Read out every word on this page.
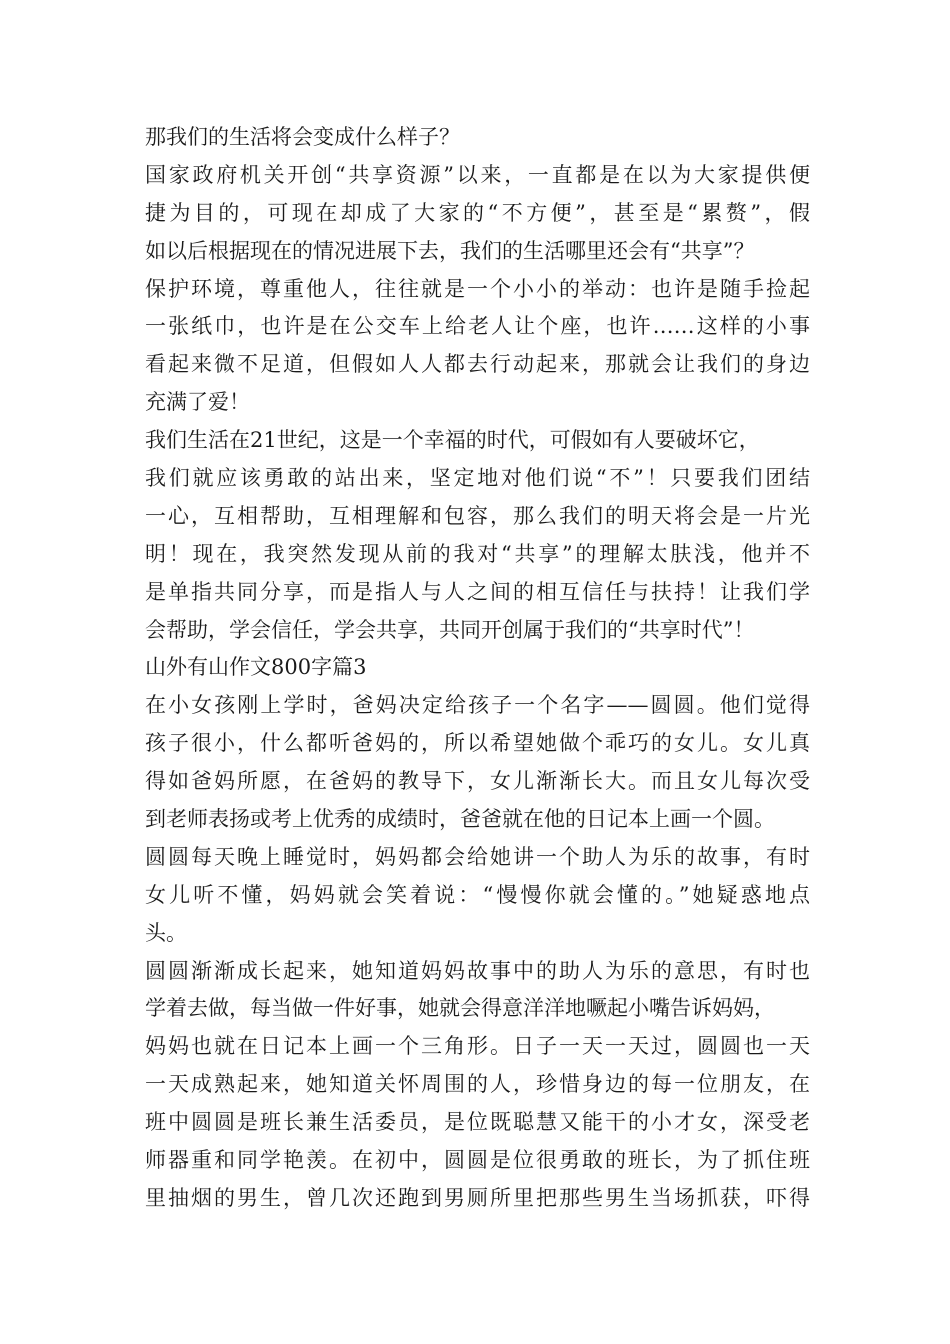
那我们的生活将会变成什么样子？
国家政府机关开创“共享资源”以来，一直都是在以为大家提供便
捷为目的，可现在却成了大家的“不方便”，甚至是“累赘”，假
如以后根据现在的情况进展下去，我们的生活哪里还会有“共享”？
保护环境，尊重他人，往往就是一个小小的举动：也许是随手捡起
一张纸巾，也许是在公交车上给老人让个座，也许……这样的小事
看起来微不足道，但假如人人都去行动起来，那就会让我们的身边
充满了爱！
我们生活在21世纪，这是一个幸福的时代，可假如有人要破坏它，
我们就应该勇敢的站出来，坚定地对他们说“不”！只要我们团结
一心，互相帮助，互相理解和包容，那么我们的明天将会是一片光
明！现在，我突然发现从前的我对“共享”的理解太肤浅，他并不
是单指共同分享，而是指人与人之间的相互信任与扶持！让我们学
会帮助，学会信任，学会共享，共同开创属于我们的“共享时代”！
山外有山作文800字篇3
在小女孩刚上学时，爸妈决定给孩子一个名字——圆圆。他们觉得
孩子很小，什么都听爸妈的，所以希望她做个乖巧的女儿。女儿真
得如爸妈所愿，在爸妈的教导下，女儿渐渐长大。而且女儿每次受
到老师表扬或考上优秀的成绩时，爸爸就在他的日记本上画一个圆。
圆圆每天晚上睡觉时，妈妈都会给她讲一个助人为乐的故事，有时
女儿听不懂，妈妈就会笑着说：“慢慢你就会懂的。”她疑惑地点
头。
圆圆渐渐成长起来，她知道妈妈故事中的助人为乐的意思，有时也
学着去做，每当做一件好事，她就会得意洋洋地噘起小嘴告诉妈妈，
妈妈也就在日记本上画一个三角形。日子一天一天过，圆圆也一天
一天成熟起来，她知道关怀周围的人，珍惜身边的每一位朋友，在
班中圆圆是班长兼生活委员，是位既聪慧又能干的小才女，深受老
师器重和同学艳羡。在初中，圆圆是位很勇敢的班长，为了抓住班
里抽烟的男生，曾几次还跑到男厕所里把那些男生当场抓获，吓得
